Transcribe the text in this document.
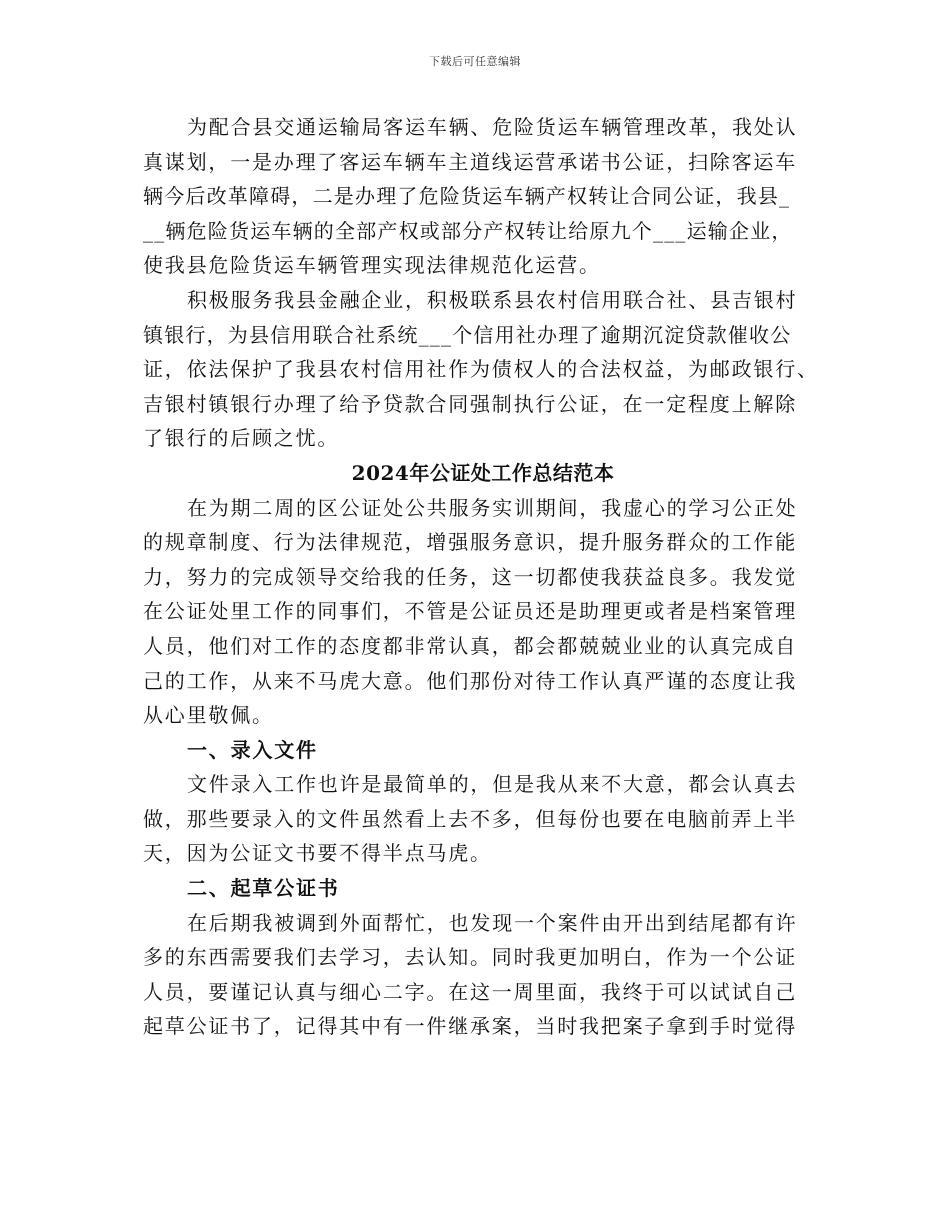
下载后可任意编辑
为配合县交通运输局客运车辆、危险货运车辆管理改革，我处认
真谋划，一是办理了客运车辆车主道线运营承诺书公证，扫除客运车
辆今后改革障碍，二是办理了危险货运车辆产权转让合同公证，我县_
__辆危险货运车辆的全部产权或部分产权转让给原九个___运输企业，
使我县危险货运车辆管理实现法律规范化运营。
积极服务我县金融企业，积极联系县农村信用联合社、县吉银村
镇银行，为县信用联合社系统___个信用社办理了逾期沉淀贷款催收公
证，依法保护了我县农村信用社作为债权人的合法权益，为邮政银行、
吉银村镇银行办理了给予贷款合同强制执行公证，在一定程度上解除
了银行的后顾之忧。
2024年公证处工作总结范本
在为期二周的区公证处公共服务实训期间，我虚心的学习公正处
的规章制度、行为法律规范，增强服务意识，提升服务群众的工作能
力，努力的完成领导交给我的任务，这一切都使我获益良多。我发觉
在公证处里工作的同事们，不管是公证员还是助理更或者是档案管理
人员，他们对工作的态度都非常认真，都会都兢兢业业的认真完成自
己的工作，从来不马虎大意。他们那份对待工作认真严谨的态度让我
从心里敬佩。
一、录入文件
文件录入工作也许是最简单的，但是我从来不大意，都会认真去
做，那些要录入的文件虽然看上去不多，但每份也要在电脑前弄上半
天，因为公证文书要不得半点马虎。
二、起草公证书
在后期我被调到外面帮忙，也发现一个案件由开出到结尾都有许
多的东西需要我们去学习，去认知。同时我更加明白，作为一个公证
人员，要谨记认真与细心二字。在这一周里面，我终于可以试试自己
起草公证书了，记得其中有一件继承案，当时我把案子拿到手时觉得
